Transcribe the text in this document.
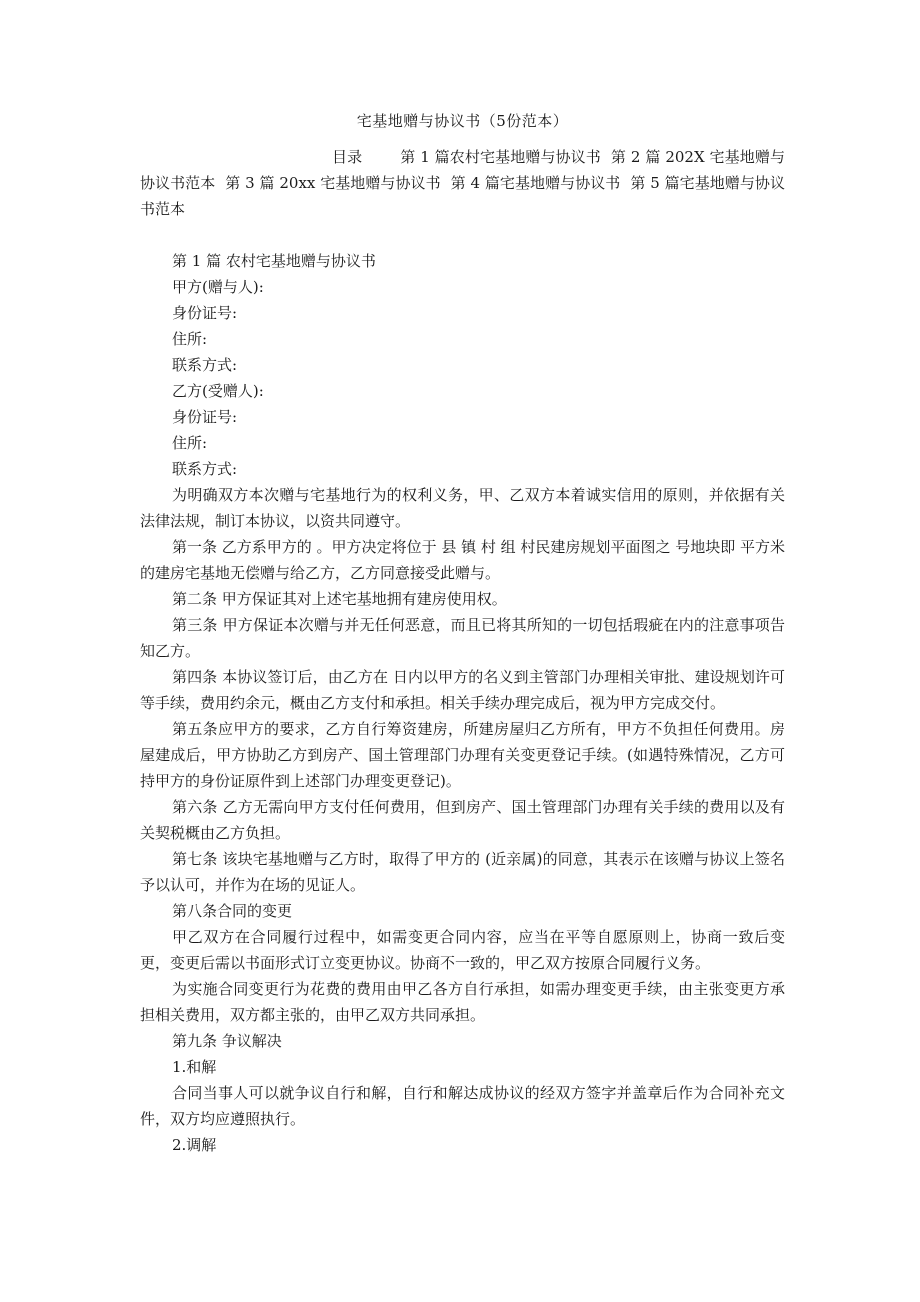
宅基地赠与协议书（5份范本）

目录	第 1 篇农村宅基地赠与协议书 第 2 篇 202X 宅基地赠与协议书范本 第 3 篇 20xx 宅基地赠与协议书 第 4 篇宅基地赠与协议书 第 5 篇宅基地赠与协议书范本

第 1 篇 农村宅基地赠与协议书

甲方(赠与人):

身份证号:

住所:

联系方式:

乙方(受赠人):

身份证号:

住所:

联系方式:

为明确双方本次赠与宅基地行为的权利义务，甲、乙双方本着诚实信用的原则，并依据有关法律法规，制订本协议，以资共同遵守。

第一条 乙方系甲方的 。甲方决定将位于 县 镇 村 组 村民建房规划平面图之 号地块即 平方米的建房宅基地无偿赠与给乙方，乙方同意接受此赠与。

第二条 甲方保证其对上述宅基地拥有建房使用权。

第三条 甲方保证本次赠与并无任何恶意，而且已将其所知的一切包括瑕疵在内的注意事项告知乙方。

第四条 本协议签订后，由乙方在 日内以甲方的名义到主管部门办理相关审批、建设规划许可等手续，费用约余元，概由乙方支付和承担。相关手续办理完成后，视为甲方完成交付。

第五条应甲方的要求，乙方自行筹资建房，所建房屋归乙方所有，甲方不负担任何费用。房屋建成后，甲方协助乙方到房产、国土管理部门办理有关变更登记手续。(如遇特殊情况，乙方可持甲方的身份证原件到上述部门办理变更登记)。

第六条 乙方无需向甲方支付任何费用，但到房产、国土管理部门办理有关手续的费用以及有关契税概由乙方负担。

第七条 该块宅基地赠与乙方时，取得了甲方的 (近亲属)的同意，其表示在该赠与协议上签名予以认可，并作为在场的见证人。

第八条合同的变更

甲乙双方在合同履行过程中，如需变更合同内容，应当在平等自愿原则上，协商一致后变更，变更后需以书面形式订立变更协议。协商不一致的，甲乙双方按原合同履行义务。

为实施合同变更行为花费的费用由甲乙各方自行承担，如需办理变更手续，由主张变更方承担相关费用，双方都主张的，由甲乙双方共同承担。

第九条 争议解决

1.和解

合同当事人可以就争议自行和解，自行和解达成协议的经双方签字并盖章后作为合同补充文件，双方均应遵照执行。

2.调解
